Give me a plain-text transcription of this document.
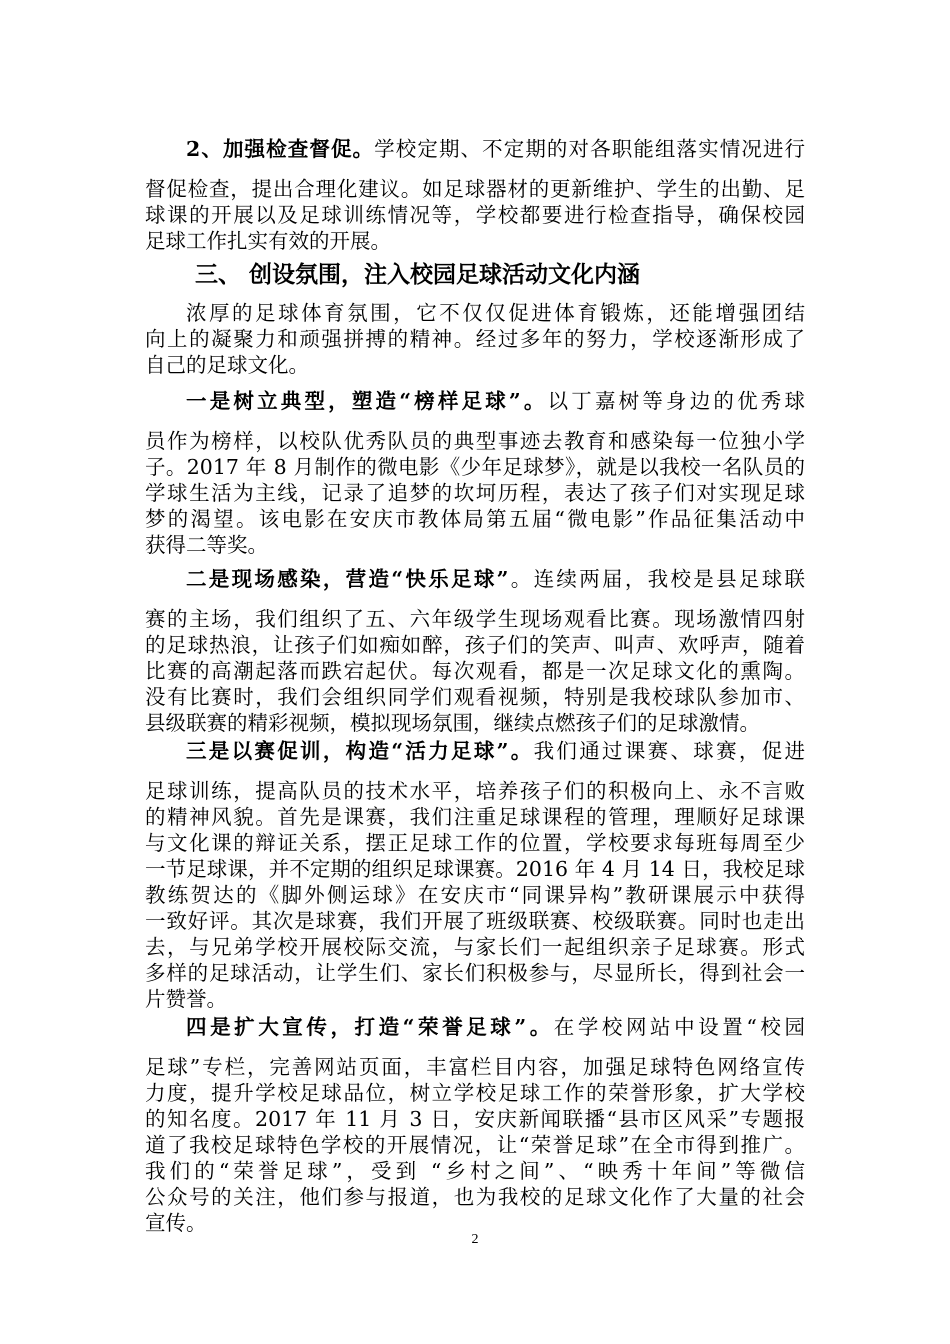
2、加强检查督促。学校定期、不定期的对各职能组落实情况进行
督促检查，提出合理化建议。如足球器材的更新维护、学生的出勤、足
球课的开展以及足球训练情况等，学校都要进行检查指导，确保校园
足球工作扎实有效的开展。
三、 创设氛围，注入校园足球活动文化内涵
浓厚的足球体育氛围，它不仅仅促进体育锻炼，还能增强团结
向上的凝聚力和顽强拼搏的精神。经过多年的努力，学校逐渐形成了
自己的足球文化。
一是树立典型，塑造“榜样足球”。以丁嘉树等身边的优秀球
员作为榜样，以校队优秀队员的典型事迹去教育和感染每一位独小学
子。2017 年 8 月制作的微电影《少年足球梦》，就是以我校一名队员的
学球生活为主线，记录了追梦的坎坷历程，表达了孩子们对实现足球
梦的渴望。该电影在安庆市教体局第五届“微电影”作品征集活动中
获得二等奖。
二是现场感染，营造“快乐足球”。连续两届，我校是县足球联
赛的主场，我们组织了五、六年级学生现场观看比赛。现场激情四射
的足球热浪，让孩子们如痴如醉，孩子们的笑声、叫声、欢呼声，随着
比赛的高潮起落而跌宕起伏。每次观看，都是一次足球文化的熏陶。
没有比赛时，我们会组织同学们观看视频，特别是我校球队参加市、
县级联赛的精彩视频，模拟现场氛围，继续点燃孩子们的足球激情。
三是以赛促训，构造“活力足球”。我们通过课赛、球赛，促进
足球训练，提高队员的技术水平，培养孩子们的积极向上、永不言败
的精神风貌。首先是课赛，我们注重足球课程的管理，理顺好足球课
与文化课的辩证关系，摆正足球工作的位置，学校要求每班每周至少
一节足球课，并不定期的组织足球课赛。2016 年 4 月 14 日，我校足球
教练贺达的《脚外侧运球》在安庆市“同课异构”教研课展示中获得
一致好评。其次是球赛，我们开展了班级联赛、校级联赛。同时也走出
去，与兄弟学校开展校际交流，与家长们一起组织亲子足球赛。形式
多样的足球活动，让学生们、家长们积极参与，尽显所长，得到社会一
片赞誉。
四是扩大宣传，打造“荣誉足球”。在学校网站中设置“校园
足球”专栏，完善网站页面，丰富栏目内容，加强足球特色网络宣传
力度，提升学校足球品位，树立学校足球工作的荣誉形象，扩大学校
的知名度。2017 年 11 月 3 日，安庆新闻联播“县市区风采”专题报
道了我校足球特色学校的开展情况，让“荣誉足球”在全市得到推广。
我们的“荣誉足球”，受到 “乡村之间”、“映秀十年间”等微信
公众号的关注，他们参与报道，也为我校的足球文化作了大量的社会
宣传。
2
